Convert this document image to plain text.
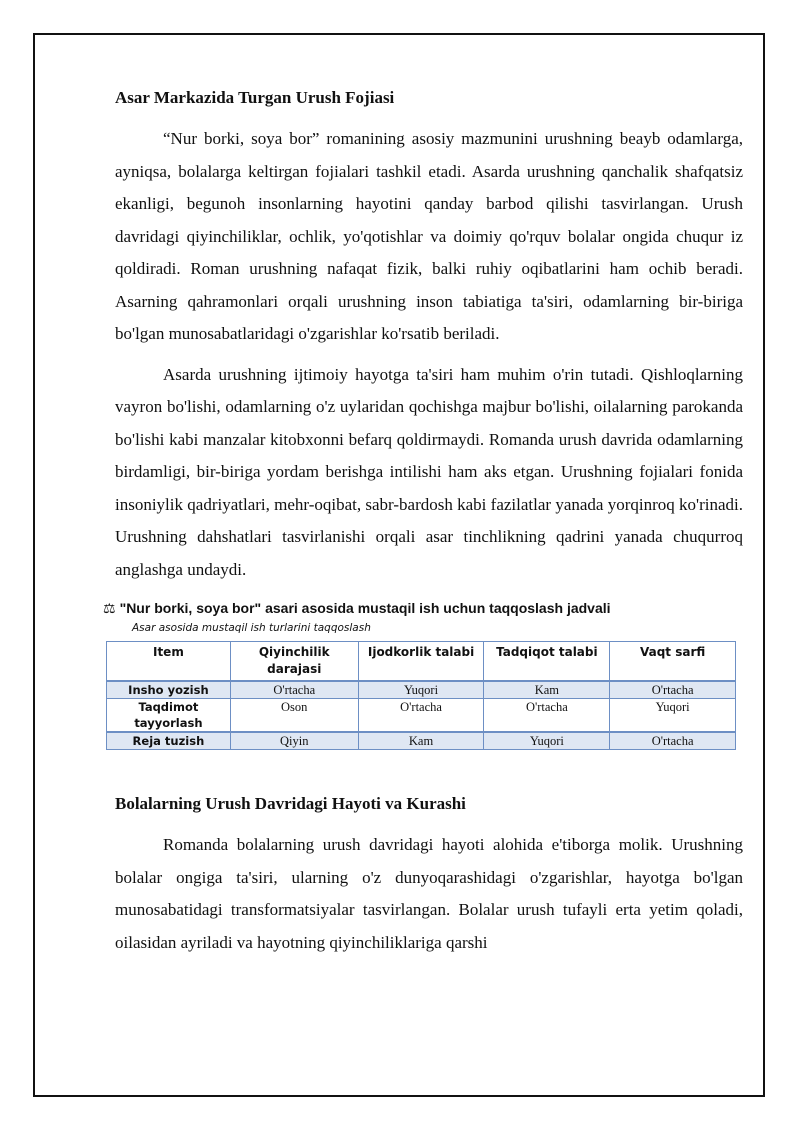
Asar Markazida Turgan Urush Fojiasi

“Nur borki, soya bor” romanining asosiy mazmunini urushning beayb odamlarga, ayniqsa, bolalarga keltirgan fojialari tashkil etadi. Asarda urushning qanchalik shafqatsiz ekanligi, begunoh insonlarning hayotini qanday barbod qilishi tasvirlangan. Urush davridagi qiyinchiliklar, ochlik, yo'qotishlar va doimiy qo'rquv bolalar ongida chuqur iz qoldiradi. Roman urushning nafaqat fizik, balki ruhiy oqibatlarini ham ochib beradi. Asarning qahramonlari orqali urushning inson tabiatiga ta'siri, odamlarning bir-biriga bo'lgan munosabatlaridagi o'zgarishlar ko'rsatib beriladi.

Asarda urushning ijtimoiy hayotga ta'siri ham muhim o'rin tutadi. Qishloqlarning vayron bo'lishi, odamlarning o'z uylaridan qochishga majbur bo'lishi, oilalarning parokanda bo'lishi kabi manzalar kitobxonni befarq qoldirmaydi. Romanda urush davrida odamlarning birdamligi, bir-biriga yordam berishga intilishi ham aks etgan. Urushning fojialari fonida insoniylik qadriyatlari, mehr-oqibat, sabr-bardosh kabi fazilatlar yanada yorqinroq ko'rinadi. Urushning dahshatlari tasvirlanishi orqali asar tinchlikning qadrini yanada chuqurroq anglashga undaydi.

⚖ "Nur borki, soya bor" asari asosida mustaqil ish uchun taqqoslash jadvali
Asar asosida mustaqil ish turlarini taqqoslash
Item	Qiyinchilik darajasi	Ijodkorlik talabi	Tadqiqot talabi	Vaqt sarfi
Insho yozish	O'rtacha	Yuqori	Kam	O'rtacha
Taqdimot tayyorlash	Oson	O'rtacha	O'rtacha	Yuqori
Reja tuzish	Qiyin	Kam	Yuqori	O'rtacha
Bolalarning Urush Davridagi Hayoti va Kurashi

Romanda bolalarning urush davridagi hayoti alohida e'tiborga molik. Urushning bolalar ongiga ta'siri, ularning o'z dunyoqarashidagi o'zgarishlar, hayotga bo'lgan munosabatidagi transformatsiyalar tasvirlangan. Bolalar urush tufayli erta yetim qoladi, oilasidan ayriladi va hayotning qiyinchiliklariga qarshi
